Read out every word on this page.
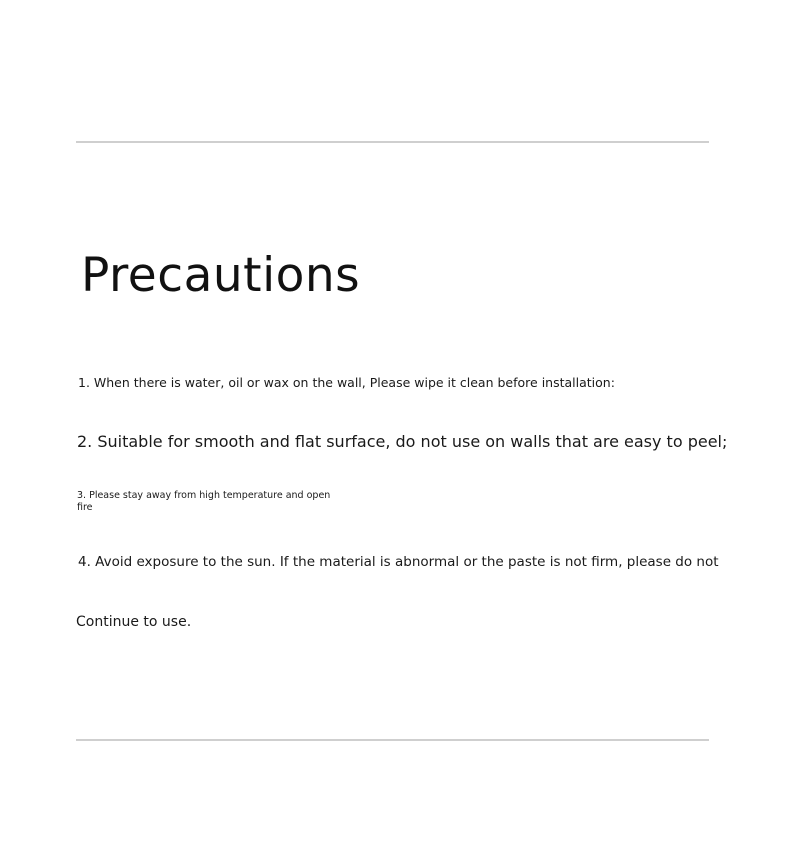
Precautions

1. When there is water, oil or wax on the wall, Please wipe it clean before installation:

2. Suitable for smooth and flat surface, do not use on walls that are easy to peel;

3. Please stay away from high temperature and open fire

4. Avoid exposure to the sun. If the material is abnormal or the paste is not firm, please do not

Continue to use.
